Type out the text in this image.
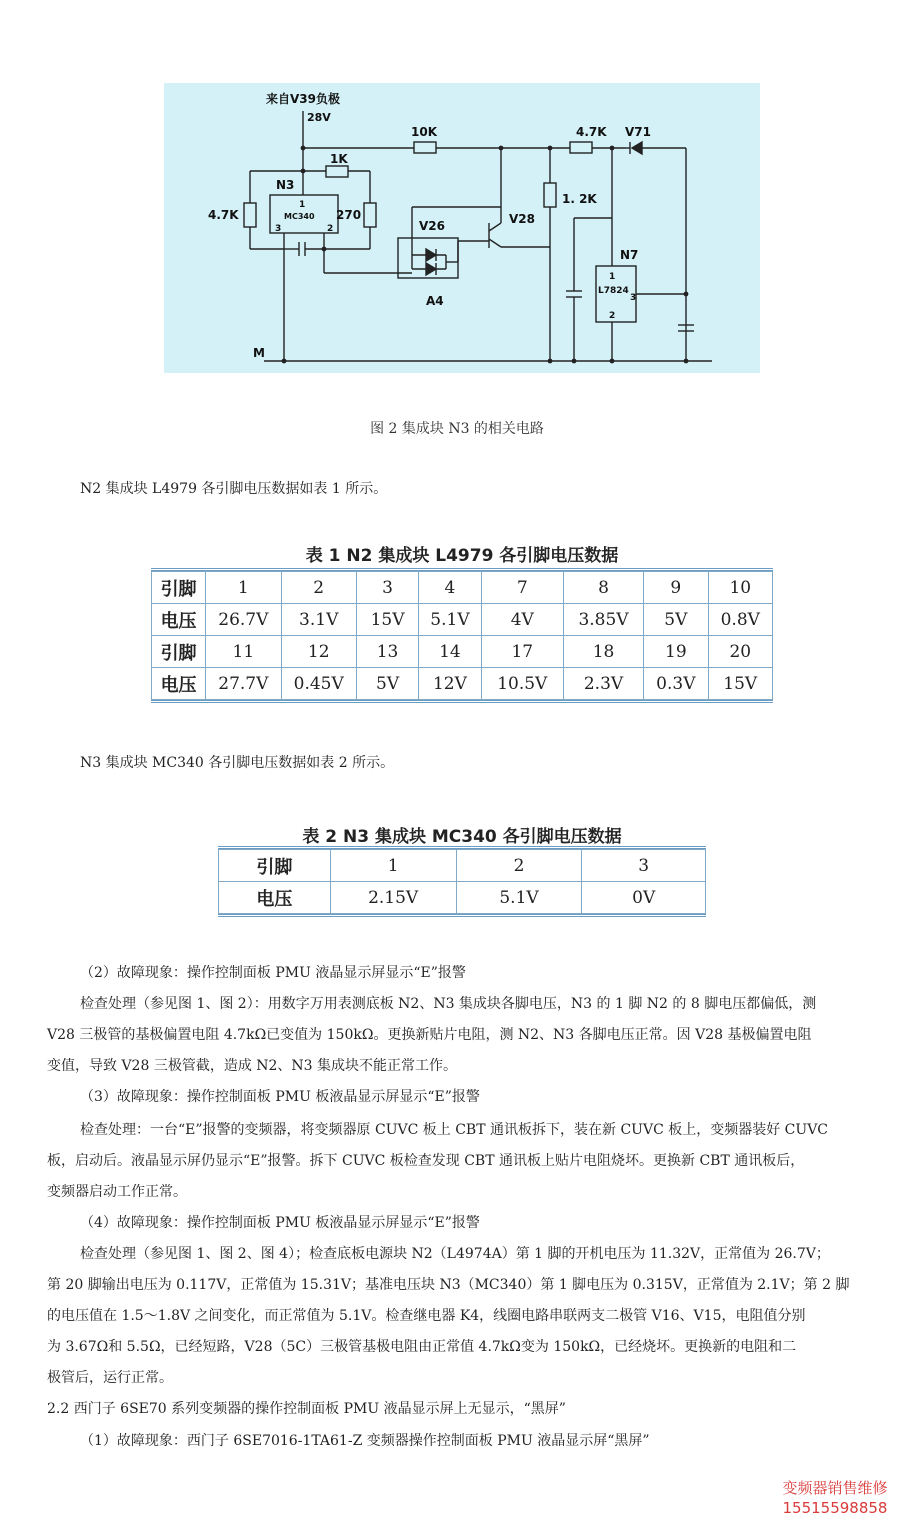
来自V39负极
28V
10K	4.7K V71
1K
N3
1
MC340
3	2
4.7K	270
V26	V28
1. 2K
A4
N7
1
L7824
3
2
M
图 2 集成块 N3 的相关电路
N2 集成块 L4979 各引脚电压数据如表 1 所示。
表 1 N2 集成块 L4979 各引脚电压数据
引脚	1	2	3	4	7	8	9	10
电压	26.7V	3.1V	15V	5.1V	4V	3.85V	5V	0.8V
引脚	11	12	13	14	17	18	19	20
电压	27.7V	0.45V	5V	12V	10.5V	2.3V	0.3V	15V
N3 集成块 MC340 各引脚电压数据如表 2 所示。
表 2 N3 集成块 MC340 各引脚电压数据
引脚	1	2	3
电压	2.15V	5.1V	0V
（2）故障现象：操作控制面板 PMU 液晶显示屏显示“E”报警
检查处理（参见图 1、图 2）：用数字万用表测底板 N2、N3 集成块各脚电压，N3 的 1 脚 N2 的 8 脚电压都偏低，测
V28 三极管的基极偏置电阻 4.7kΩ已变值为 150kΩ。更换新贴片电阻，测 N2、N3 各脚电压正常。因 V28 基极偏置电阻
变值，导致 V28 三极管截，造成 N2、N3 集成块不能正常工作。
（3）故障现象：操作控制面板 PMU 板液晶显示屏显示“E”报警
检查处理：一台“E”报警的变频器，将变频器原 CUVC 板上 CBT 通讯板拆下，装在新 CUVC 板上，变频器装好 CUVC
板，启动后。液晶显示屏仍显示“E”报警。拆下 CUVC 板检查发现 CBT 通讯板上贴片电阻烧坏。更换新 CBT 通讯板后，
变频器启动工作正常。
（4）故障现象：操作控制面板 PMU 板液晶显示屏显示“E”报警
检查处理（参见图 1、图 2、图 4）；检查底板电源块 N2（L4974A）第 1 脚的开机电压为 11.32V，正常值为 26.7V；
第 20 脚输出电压为 0.117V，正常值为 15.31V；基准电压块 N3（MC340）第 1 脚电压为 0.315V，正常值为 2.1V；第 2 脚
的电压值在 1.5～1.8V 之间变化，而正常值为 5.1V。检查继电器 K4，线圈电路串联两支二极管 V16、V15，电阻值分别
为 3.67Ω和 5.5Ω，已经短路，V28（5C）三极管基极电阻由正常值 4.7kΩ变为 150kΩ，已经烧坏。更换新的电阻和二
极管后，运行正常。
2.2 西门子 6SE70 系列变频器的操作控制面板 PMU 液晶显示屏上无显示，“黑屏”
（1）故障现象：西门子 6SE7016-1TA61-Z 变频器操作控制面板 PMU 液晶显示屏“黑屏”
变频器销售维修
15515598858
